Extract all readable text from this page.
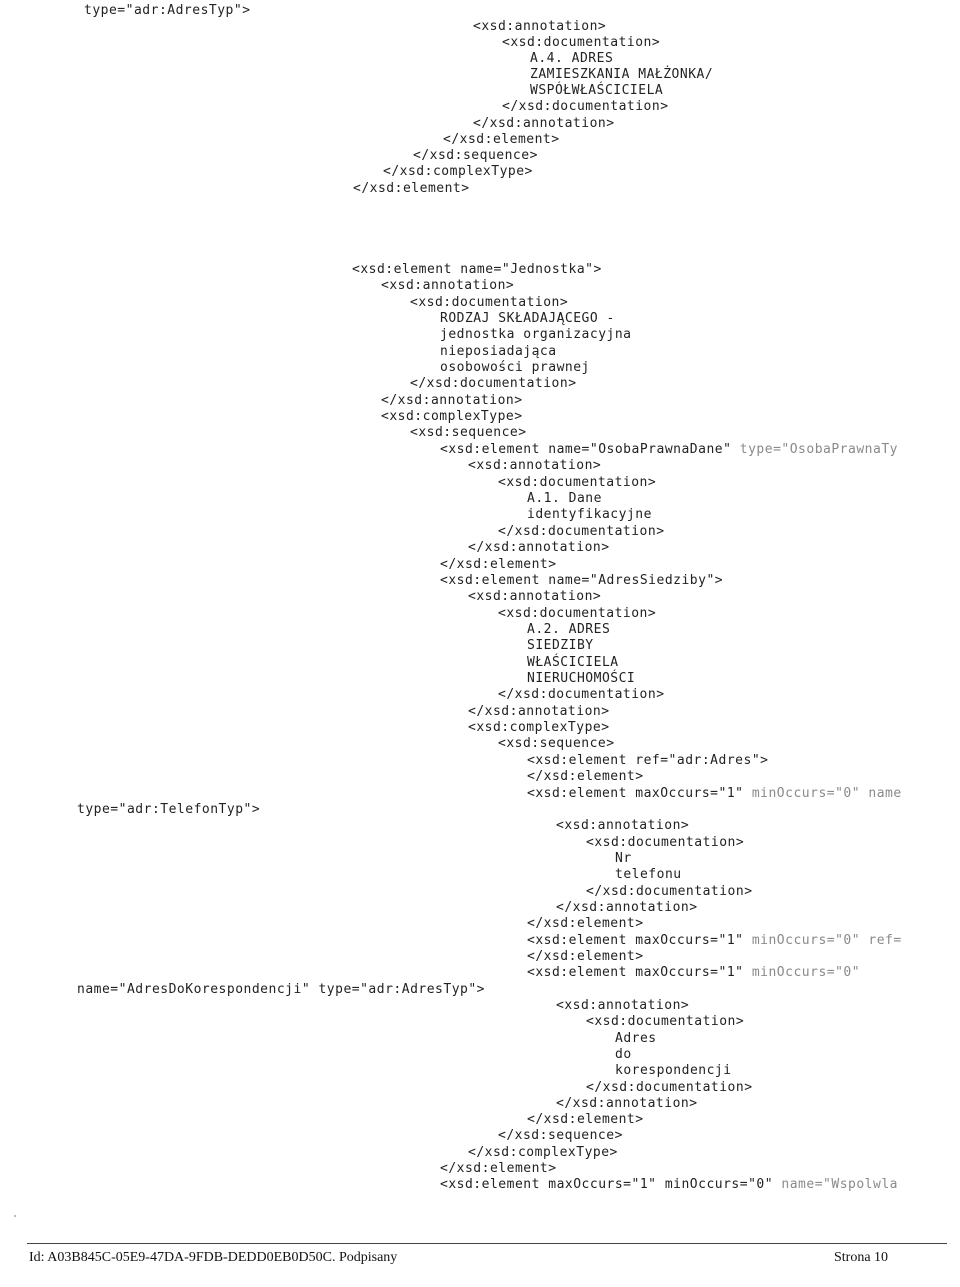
type="adr:AdresTyp">
<xsd:annotation>
<xsd:documentation>
A.4. ADRES
ZAMIESZKANIA MAŁŻONKA/
WSPÓŁWŁAŚCICIELA
</xsd:documentation>
</xsd:annotation>
</xsd:element>
</xsd:sequence>
</xsd:complexType>
</xsd:element>
<xsd:element name="Jednostka">
<xsd:annotation>
<xsd:documentation>
RODZAJ SKŁADAJĄCEGO -
jednostka organizacyjna
nieposiadająca
osobowości prawnej
</xsd:documentation>
</xsd:annotation>
<xsd:complexType>
<xsd:sequence>
<xsd:element name="OsobaPrawnaDane" type="OsobaPrawnaTy
<xsd:annotation>
<xsd:documentation>
A.1. Dane
identyfikacyjne
</xsd:documentation>
</xsd:annotation>
</xsd:element>
<xsd:element name="AdresSiedziby">
<xsd:annotation>
<xsd:documentation>
A.2. ADRES
SIEDZIBY
WŁAŚCICIELA
NIERUCHOMOŚCI
</xsd:documentation>
</xsd:annotation>
<xsd:complexType>
<xsd:sequence>
<xsd:element ref="adr:Adres">
</xsd:element>
<xsd:element maxOccurs="1" minOccurs="0" name
type="adr:TelefonTyp">
<xsd:annotation>
<xsd:documentation>
Nr
telefonu
</xsd:documentation>
</xsd:annotation>
</xsd:element>
<xsd:element maxOccurs="1" minOccurs="0" ref=
</xsd:element>
<xsd:element maxOccurs="1" minOccurs="0"
name="AdresDoKorespondencji" type="adr:AdresTyp">
<xsd:annotation>
<xsd:documentation>
Adres
do
korespondencji
</xsd:documentation>
</xsd:annotation>
</xsd:element>
</xsd:sequence>
</xsd:complexType>
</xsd:element>
<xsd:element maxOccurs="1" minOccurs="0" name="Wspolwla
Id: A03B845C-05E9-47DA-9FDB-DEDD0EB0D50C. Podpisany	Strona 10
